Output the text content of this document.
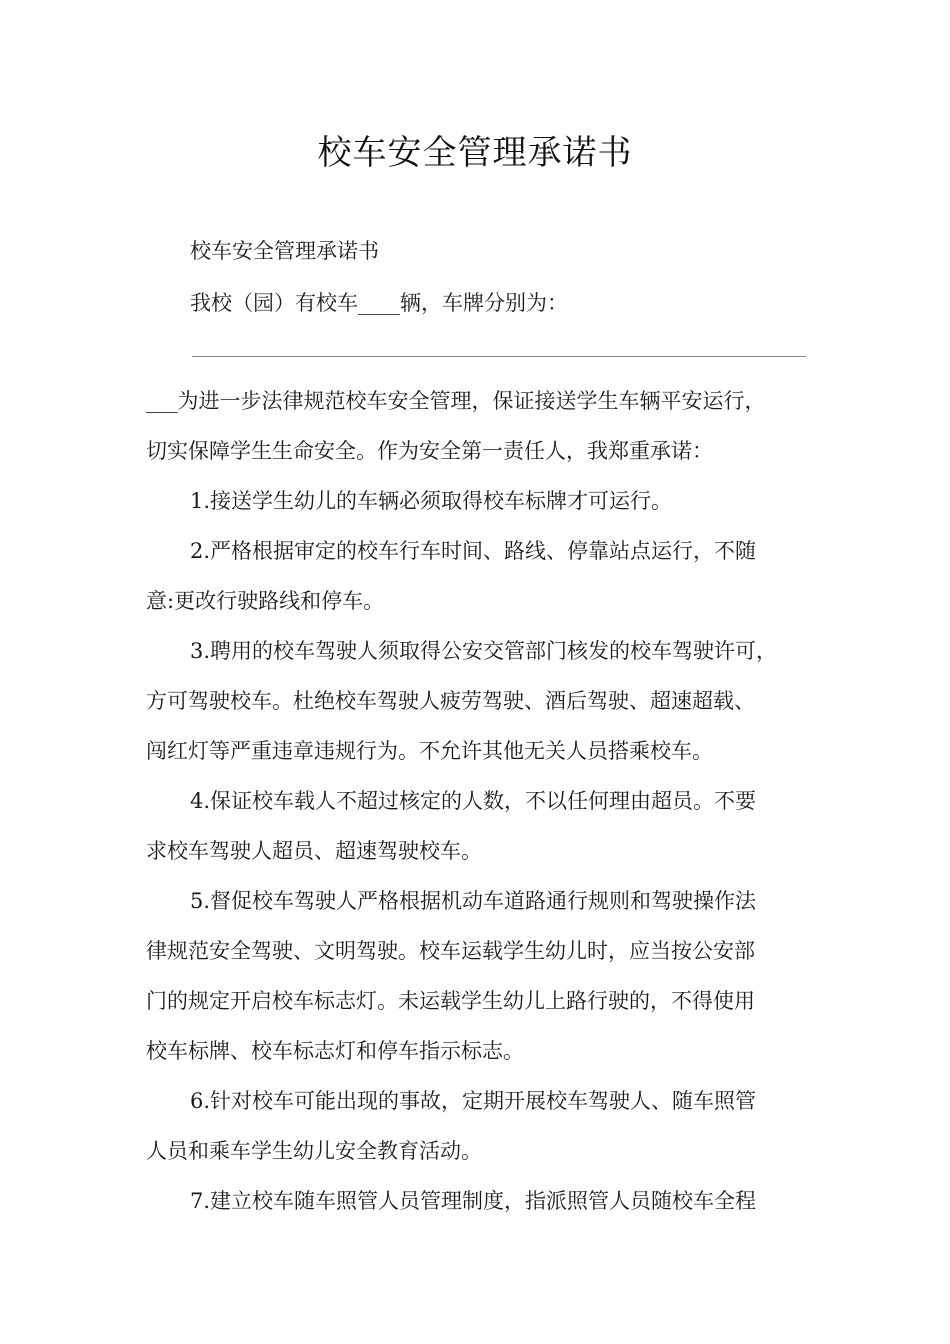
校车安全管理承诺书
校车安全管理承诺书
我校（园）有校车____辆，车牌分别为：
___为进一步法律规范校车安全管理，保证接送学生车辆平安运行，
切实保障学生生命安全。作为安全第一责任人，我郑重承诺：
1.接送学生幼儿的车辆必须取得校车标牌才可运行。
2.严格根据审定的校车行车时间、路线、停靠站点运行，不随
意:更改行驶路线和停车。
3.聘用的校车驾驶人须取得公安交管部门核发的校车驾驶许可，
方可驾驶校车。杜绝校车驾驶人疲劳驾驶、酒后驾驶、超速超载、
闯红灯等严重违章违规行为。不允许其他无关人员搭乘校车。
4.保证校车载人不超过核定的人数，不以任何理由超员。不要
求校车驾驶人超员、超速驾驶校车。
5.督促校车驾驶人严格根据机动车道路通行规则和驾驶操作法
律规范安全驾驶、文明驾驶。校车运载学生幼儿时，应当按公安部
门的规定开启校车标志灯。未运载学生幼儿上路行驶的，不得使用
校车标牌、校车标志灯和停车指示标志。
6.针对校车可能出现的事故，定期开展校车驾驶人、随车照管
人员和乘车学生幼儿安全教育活动。
7.建立校车随车照管人员管理制度，指派照管人员随校车全程
